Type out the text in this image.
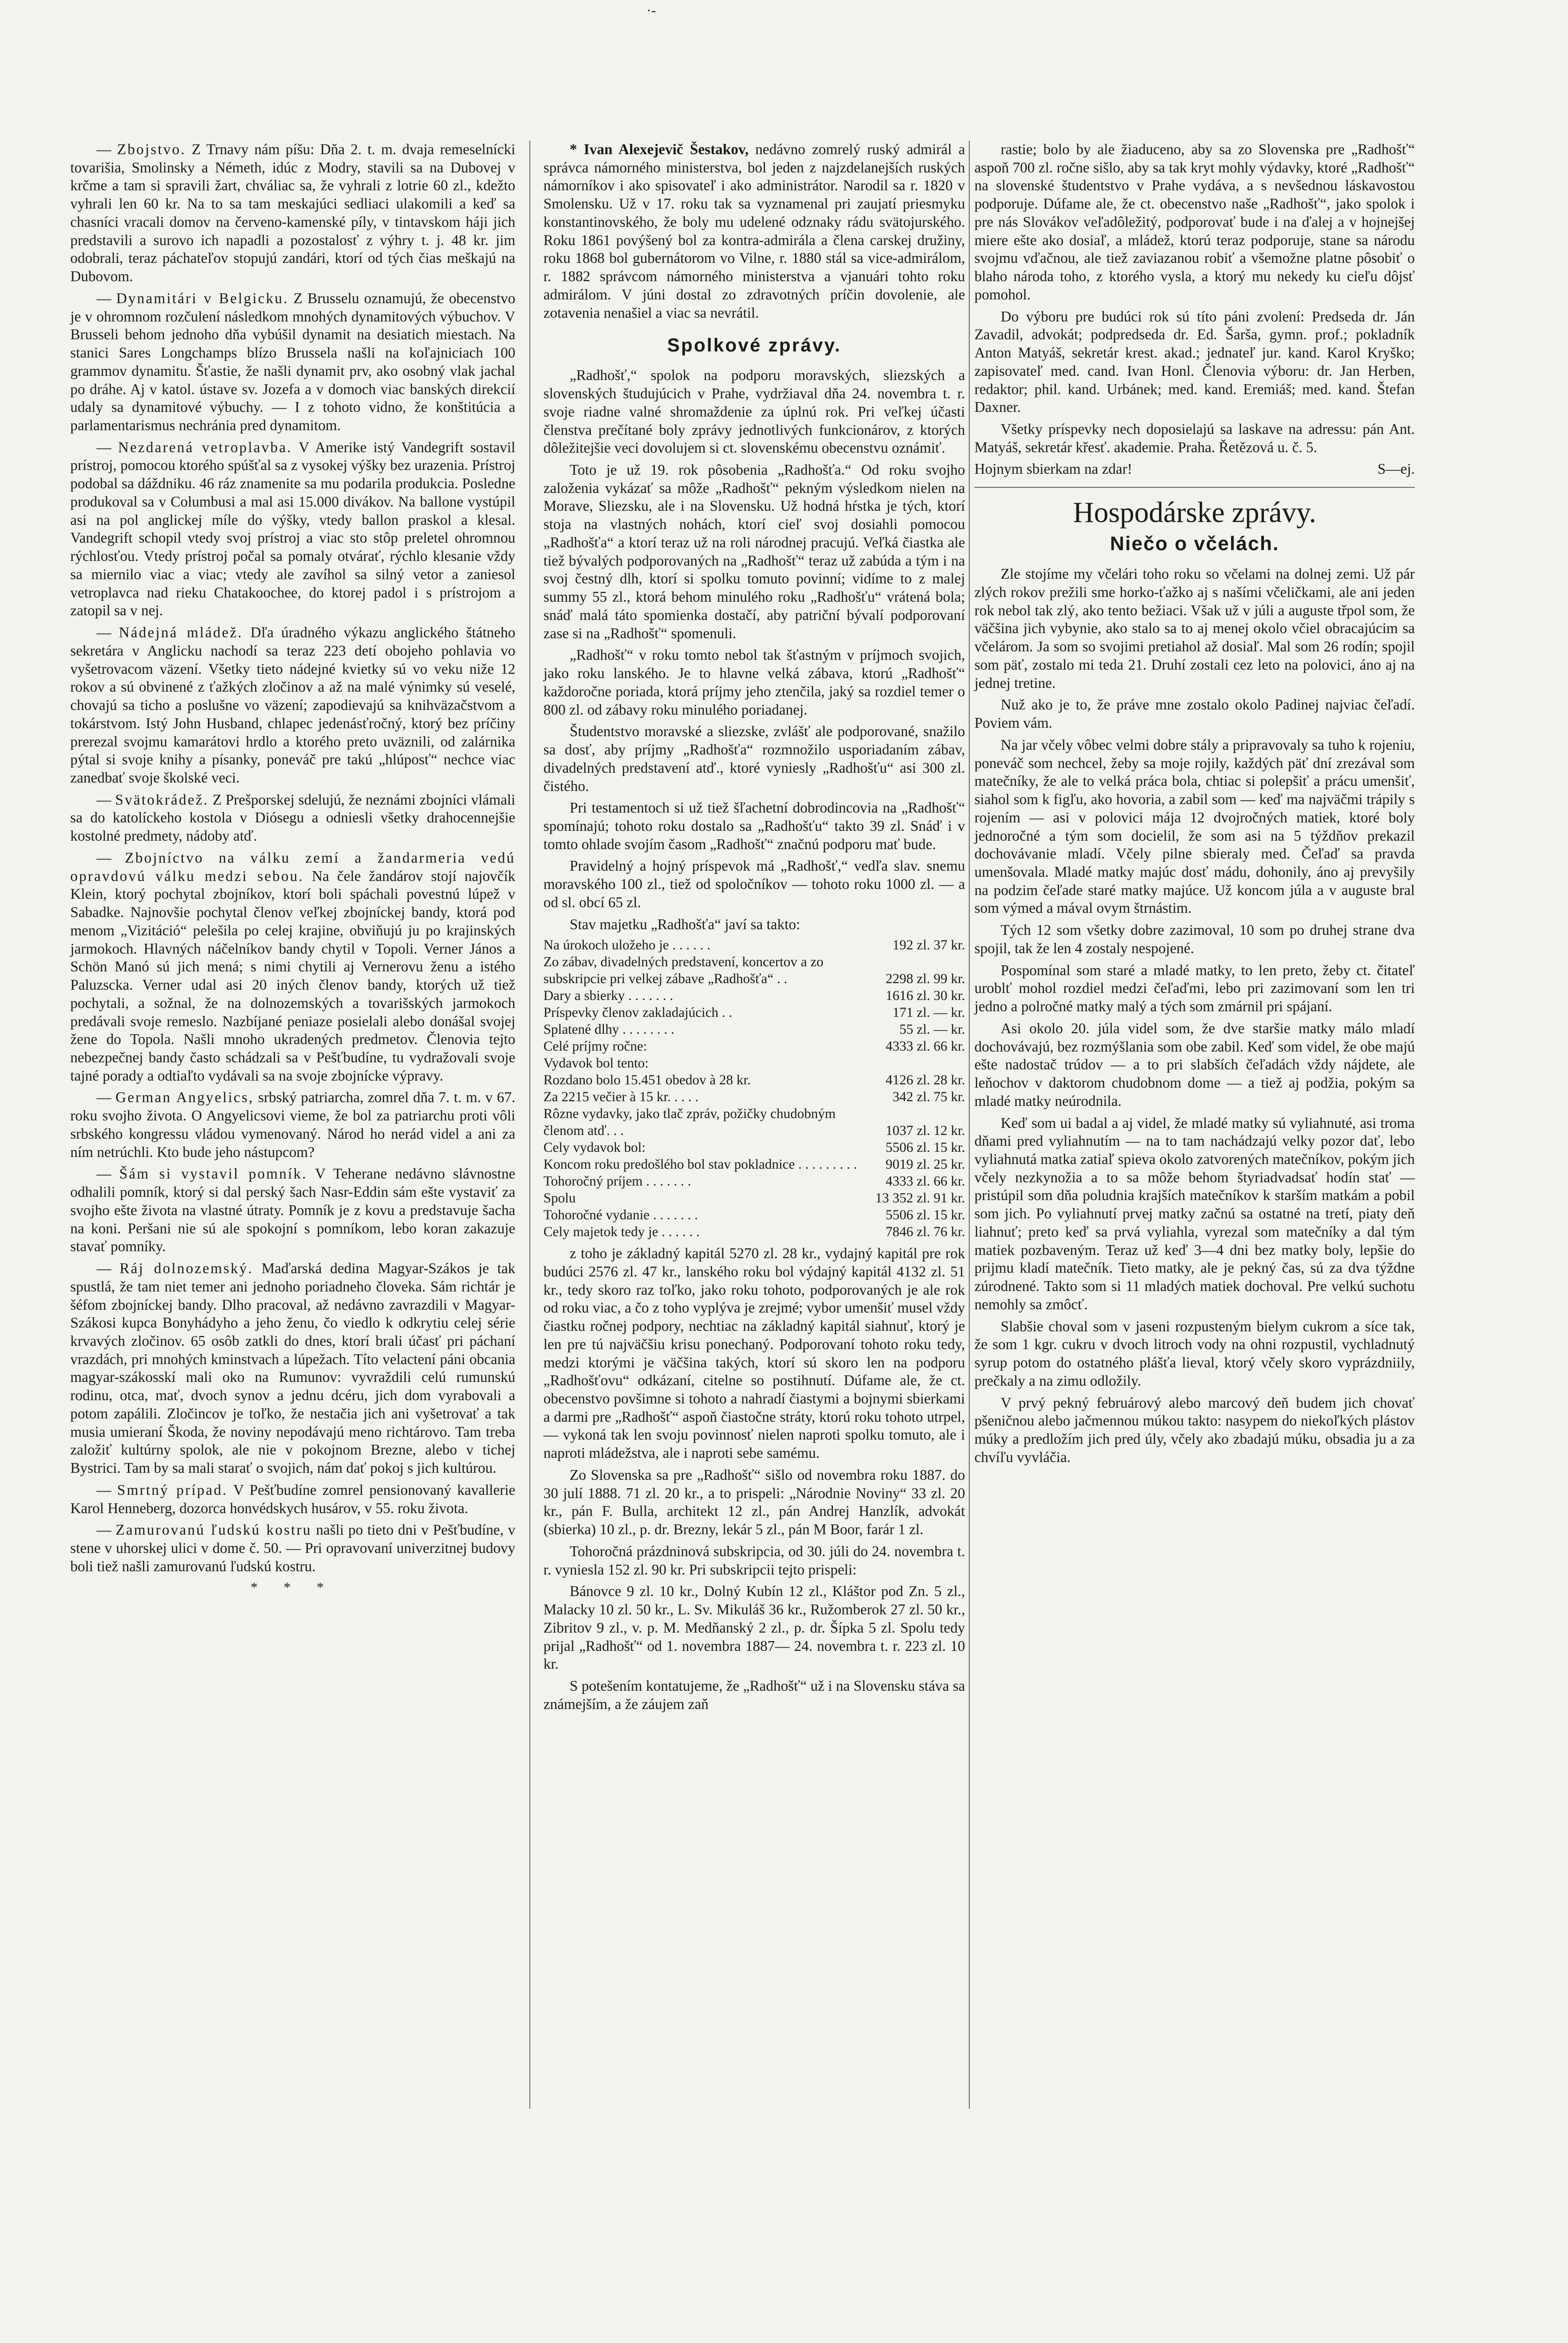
·-

— Zbojstvo. Z Trnavy nám píšu: Dňa 2. t. m. dvaja remeselnícki tovarišia, Smolinsky a Németh, idúc z Modry, stavili sa na Dubovej v krčme a tam si spravili žart, chváliac sa, že vyhrali z lotrie 60 zl., kdežto vyhrali len 60 kr. Na to sa tam meskajúci sedliaci ulakomili a keď sa chasníci vracali domov na červeno-kamenské píly, v tintavskom háji jich predstavili a surovo ich napadli a pozostalosť z výhry t. j. 48 kr. jim odobrali, teraz páchateľov stopujú zandári, ktorí od tých čias meškajú na Dubovom.

— Dynamitári v Belgicku. Z Brusselu oznamujú, že obecenstvo je v ohromnom rozčulení následkom mnohých dynamitových výbuchov. V Brusseli behom jednoho dňa vybúšil dynamit na desiatich miestach. Na stanici Sares Longchamps blízo Brussela našli na koľajniciach 100 grammov dynamitu. Šťastie, že našli dynamit prv, ako osobný vlak jachal po dráhe. Aj v katol. ústave sv. Jozefa a v domoch viac banských direkcií udaly sa dynamitové výbuchy. — I z tohoto vidno, že konštitúcia a parlamentarismus nechránia pred dynamitom.

— Nezdarená vetroplavba. V Amerike istý Vandegrift sostavil prístroj, pomocou ktorého spúšťal sa z vysokej výšky bez urazenia. Prístroj podobal sa dáždniku. 46 ráz znamenite sa mu podarila produkcia. Posledne produkoval sa v Columbusi a mal asi 15.000 divákov. Na ballone vystúpil asi na pol anglickej míle do výšky, vtedy ballon praskol a klesal. Vandegrift schopil vtedy svoj prístroj a viac sto stôp preletel ohromnou rýchlosťou. Vtedy prístroj počal sa pomaly otvárať, rýchlo klesanie vždy sa miernilo viac a viac; vtedy ale zavíhol sa silný vetor a zaniesol vetroplavca nad rieku Chatakoochee, do ktorej padol i s prístrojom a zatopil sa v nej.

— Nádejná mládež. Dľa úradného výkazu anglického štátneho sekretára v Anglicku nachodí sa teraz 223 detí obojeho pohlavia vo vyšetrovacom väzení. Všetky tieto nádejné kvietky sú vo veku niže 12 rokov a sú obvinené z ťažkých zločinov a až na malé výnimky sú veselé, chovajú sa ticho a poslušne vo väzení; zapodievajú sa knihväzačstvom a tokárstvom. Istý John Husband, chlapec jedenásťročný, ktorý bez príčiny prerezal svojmu kamarátovi hrdlo a ktorého preto uväznili, od zalárnika pýtal si svoje knihy a písanky, poneváč pre takú „hlúposť“ nechce viac zanedbať svoje školské veci.

— Svätokrádež. Z Prešporskej sdelujú, že neznámi zbojníci vlámali sa do katolíckeho kostola v Diósegu a odniesli všetky drahocennejšie kostolné predmety, nádoby atď.

— Zbojníctvo na válku zemí a žandarmeria vedú opravdovú válku medzi sebou. Na čele žandárov stojí najovčík Klein, ktorý pochytal zbojníkov, ktorí boli spáchali povestnú lúpež v Sabadke. Najnovšie pochytal členov veľkej zbojníckej bandy, ktorá pod menom „Vizitáció“ pelešila po celej krajine, obviňujú ju po krajinských jarmokoch. Hlavných náčelníkov bandy chytil v Topoli. Verner János a Schön Manó sú jich mená; s nimi chytili aj Vernerovu ženu a istého Paluzscka. Verner udal asi 20 iných členov bandy, ktorých už tiež pochytali, a sožnal, že na dolnozemských a tovarišských jarmokoch predávali svoje remeslo. Nazbíjané peniaze posielali alebo donášal svojej žene do Topola. Našli mnoho ukradených predmetov. Členovia tejto nebezpečnej bandy často schádzali sa v Pešťbudíne, tu vydražovali svoje tajné porady a odtiaľto vydávali sa na svoje zbojnícke výpravy.

— German Angyelics, srbský patriarcha, zomrel dňa 7. t. m. v 67. roku svojho života. O Angyelicsovi vieme, že bol za patriarchu proti vôli srbského kongressu vládou vymenovaný. Národ ho nerád videl a ani za ním netrúchli. Kto bude jeho nástupcom?

— Šám si vystavil pomník. V Teherane nedávno slávnostne odhalili pomník, ktorý si dal perský šach Nasr-Eddin sám ešte vystaviť za svojho ešte života na vlastné útraty. Pomník je z kovu a predstavuje šacha na koni. Peršani nie sú ale spokojní s pomníkom, lebo koran zakazuje stavať pomníky.

— Ráj dolnozemský. Maďarská dedina Magyar-Szákos je tak spustlá, že tam niet temer ani jednoho poriadneho človeka. Sám richtár je šéfom zbojníckej bandy. Dlho pracoval, až nedávno zavrazdili v Magyar-Szákosi kupca Bonyhádyho a jeho ženu, čo viedlo k odkrytiu celej série krvavých zločinov. 65 osôb zatkli do dnes, ktorí brali účasť pri páchaní vrazdách, pri mnohých kminstvach a lúpežach. Títo velactení páni obcania magyar-szákosskí mali oko na Rumunov: vyvraždili celú rumunskú rodinu, otca, mať, dvoch synov a jednu dcéru, jich dom vyrabovali a potom zapálili. Zločincov je toľko, že nestačia jich ani vyšetrovať a tak musia umieraní Škoda, že noviny nepodávajú meno richtárovo. Tam treba založiť kultúrny spolok, ale nie v pokojnom Brezne, alebo v tichej Bystrici. Tam by sa mali starať o svojich, nám dať pokoj s jich kultúrou.

— Smrtný prípad. V Pešťbudíne zomrel pensionovaný kavallerie Karol Henneberg, dozorca honvédskych husárov, v 55. roku života.

— Zamurovanú ľudskú kostru našli po tieto dni v Pešťbudíne, v stene v uhorskej ulici v dome č. 50. — Pri opravovaní univerzitnej budovy boli tiež našli zamurovanú ľudskú kostru.

* * *

* Ivan Alexejevič Šestakov, nedávno zomrelý ruský admirál a správca námorného ministerstva, bol jeden z najzdelanejších ruských námorníkov i ako spisovateľ i ako administrátor. Narodil sa r. 1820 v Smolensku. Už v 17. roku tak sa vyznamenal pri zaujatí priesmyku konstantinovského, že boly mu udelené odznaky rádu svätojurského. Roku 1861 povýšený bol za kontra-admirála a člena carskej družiny, roku 1868 bol gubernátorom vo Vilne, r. 1880 stál sa vice-admirálom, r. 1882 správcom námorného ministerstva a vjanuári tohto roku admirálom. V júni dostal zo zdravotných príčin dovolenie, ale zotavenia nenašiel a viac sa nevrátil.

Spolkové zprávy.

„Radhošť,“ spolok na podporu moravských, sliezských a slovenských študujúcich v Prahe, vydržiaval dňa 24. novembra t. r. svoje riadne valné shromaždenie za úplnú rok. Pri veľkej účasti členstva prečítané boly zprávy jednotlivých funkcionárov, z ktorých dôležitejšie veci dovolujem si ct. slovenskému obecenstvu oznámiť.

Toto je už 19. rok pôsobenia „Radhošťa.“ Od roku svojho založenia vykázať sa môže „Radhošť“ pekným výsledkom nielen na Morave, Sliezsku, ale i na Slovensku. Už hodná hŕstka je tých, ktorí stoja na vlastných nohách, ktorí cieľ svoj dosiahli pomocou „Radhošťa“ a ktorí teraz už na roli národnej pracujú. Veľká čiastka ale tiež bývalých podporovaných na „Radhošť“ teraz už zabúda a tým i na svoj čestný dlh, ktorí si spolku tomuto povinní; vidíme to z malej summy 55 zl., ktorá behom minulého roku „Radhošťu“ vrátená bola; snáď malá táto spomienka dostačí, aby patriční bývalí podporovaní zase si na „Radhošť“ spomenuli.

„Radhošť“ v roku tomto nebol tak šťastným v príjmoch svojich, jako roku lanského. Je to hlavne velká zábava, ktorú „Radhošť“ každoročne poriada, ktorá príjmy jeho ztenčila, jaký sa rozdiel temer o 800 zl. od zábavy roku minulého poriadanej.

Študentstvo moravské a sliezske, zvlášť ale podporované, snažilo sa dosť, aby príjmy „Radhošťa“ rozmnožilo usporiadaním zábav, divadelných predstavení atď., ktoré vyniesly „Radhošťu“ asi 300 zl. čistého.

Pri testamentoch si už tiež šľachetní dobrodincovia na „Radhošť“ spomínajú; tohoto roku dostalo sa „Radhošťu“ takto 39 zl. Snáď i v tomto ohlade svojím časom „Radhošť“ značnú podporu mať bude.

Pravidelný a hojný príspevok má „Radhošť,“ vedľa slav. snemu moravského 100 zl., tiež od spoločníkov — tohoto roku 1000 zl. — a od sl. obcí 65 zl.

Stav majetku „Radhošťa“ javí sa takto:

Na úrokoch uložeho je . . . . . .	192 zl. 37 kr.
Zo zábav, divadelných predstavení, koncertov a zo subskripcie pri velkej zábave „Radhošťa“ . .	2298 zl. 99 kr.
Dary a sbierky . . . . . . .	1616 zl. 30 kr.
Príspevky členov zakladajúcich . .	171 zl. — kr.
Splatené dlhy . . . . . . . .	55 zl. — kr.
Celé príjmy ročne:	4333 zl. 66 kr.
Vydavok bol tento:	
Rozdano bolo 15.451 obedov à 28 kr.	4126 zl. 28 kr.
Za 2215 večier à 15 kr. . . . .	342 zl. 75 kr.
Rôzne vydavky, jako tlač zpráv, požičky chudobným členom atď. . .	1037 zl. 12 kr.
Cely vydavok bol:	5506 zl. 15 kr.
Koncom roku predošlého bol stav pokladnice . . . . . . . . .	9019 zl. 25 kr.
Tohoročný príjem . . . . . . .	4333 zl. 66 kr.
Spolu	13 352 zl. 91 kr.
Tohoročné vydanie . . . . . . .	5506 zl. 15 kr.
Cely majetok tedy je . . . . . .	7846 zl. 76 kr.

z toho je základný kapitál 5270 zl. 28 kr., vydajný kapitál pre rok budúci 2576 zl. 47 kr., lanského roku bol výdajný kapitál 4132 zl. 51 kr., tedy skoro raz toľko, jako roku tohoto, podporovaných je ale rok od roku viac, a čo z toho vyplýva je zrejmé; vybor umenšiť musel vždy čiastku ročnej podpory, nechtiac na základný kapitál siahnuť, ktorý je len pre tú najväčšiu krisu ponechaný. Podporovaní tohoto roku tedy, medzi ktorými je väčšina takých, ktorí sú skoro len na podporu „Radhošťovu“ odkázaní, citelne so postihnutí. Dúfame ale, že ct. obecenstvo povšimne si tohoto a nahradí čiastymi a bojnymi sbierkami a darmi pre „Radhošť“ aspoň čiastočne stráty, ktorú roku tohoto utrpel, — vykoná tak len svoju povinnosť nielen naproti spolku tomuto, ale i naproti mládežstva, ale i naproti sebe samému.

Zo Slovenska sa pre „Radhošť“ sišlo od novembra roku 1887. do 30 julí 1888. 71 zl. 20 kr., a to prispeli: „Národnie Noviny“ 33 zl. 20 kr., pán F. Bulla, architekt 12 zl., pán Andrej Hanzlík, advokát (sbierka) 10 zl., p. dr. Brezny, lekár 5 zl., pán M Boor, farár 1 zl.

Tohoročná prázdninová subskripcia, od 30. júli do 24. novembra t. r. vyniesla 152 zl. 90 kr. Pri subskripcii tejto prispeli:

Bánovce 9 zl. 10 kr., Dolný Kubín 12 zl., Kláštor pod Zn. 5 zl., Malacky 10 zl. 50 kr., L. Sv. Mikuláš 36 kr., Ružomberok 27 zl. 50 kr., Zibritov 9 zl., v. p. M. Medňanský 2 zl., p. dr. Šípka 5 zl. Spolu tedy prijal „Radhošť“ od 1. novembra 1887— 24. novembra t. r. 223 zl. 10 kr.

S potešením kontatujeme, že „Radhošť“ už i na Slovensku stáva sa známejším, a že záujem zaň

rastie; bolo by ale žiaduceno, aby sa zo Slovenska pre „Radhošť“ aspoň 700 zl. ročne sišlo, aby sa tak kryt mohly výdavky, ktoré „Radhošť“ na slovenské študentstvo v Prahe vydáva, a s nevšednou láskavostou podporuje. Dúfame ale, že ct. obecenstvo naše „Radhošť“, jako spolok i pre nás Slovákov veľadôležitý, podporovať bude i na ďalej a v hojnejšej miere ešte ako dosiaľ, a mládež, ktorú teraz podporuje, stane sa národu svojmu vďačnou, ale tiež zaviazanou robiť a všemožne platne pôsobiť o blaho národa toho, z ktorého vysla, a ktorý mu nekedy ku cieľu dôjsť pomohol.

Do výboru pre budúci rok sú títo páni zvolení: Predseda dr. Ján Zavadil, advokát; podpredseda dr. Ed. Šarša, gymn. prof.; pokladník Anton Matyáš, sekretár krest. akad.; jednateľ jur. kand. Karol Kryško; zapisovateľ med. cand. Ivan Honl. Členovia výboru: dr. Jan Herben, redaktor; phil. kand. Urbánek; med. kand. Eremiáš; med. kand. Štefan Daxner.

Všetky príspevky nech doposielajú sa laskave na adressu: pán Ant. Matyáš, sekretár křesť. akademie. Praha. Řetězová u. č. 5.

Hojnym sbierkam na zdar!	S—ej.
Hospodárske zprávy.
Niečo o včelách.

Zle stojíme my včelári toho roku so včelami na dolnej zemi. Už pár zlých rokov prežili sme horko-ťažko aj s našími včeličkami, ale ani jeden rok nebol tak zlý, ako tento bežiaci. Však už v júli a auguste třpol som, že väčšina jich vybynie, ako stalo sa to aj menej okolo včiel obracajúcim sa včelárom. Ja som so svojimi pretiahol až dosiaľ. Mal som 26 rodín; spojil som päť, zostalo mi teda 21. Druhí zostali cez leto na polovici, áno aj na jednej tretine.

Nuž ako je to, že práve mne zostalo okolo Padinej najviac čeľadí. Poviem vám.

Na jar včely vôbec velmi dobre stály a pripravovaly sa tuho k rojeniu, poneváč som nechcel, žeby sa moje rojily, každých päť dní zrezával som matečníky, že ale to velká práca bola, chtiac si polepšiť a prácu umenšiť, siahol som k figľu, ako hovoria, a zabil som — keď ma najväčmi trápily s rojením — asi v polovici mája 12 dvojročných matiek, ktoré boly jednoročné a tým som docielil, že som asi na 5 týždňov prekazil dochovávanie mladí. Včely pilne sbieraly med. Čeľaď sa pravda umenšovala. Mladé matky majúc dosť mádu, dohonily, áno aj prevyšily na podzim čeľade staré matky majúce. Už koncom júla a v auguste bral som výmed a mával ovym štrnástim.

Tých 12 som všetky dobre zazimoval, 10 som po druhej strane dva spojil, tak že len 4 zostaly nespojené.

Pospomínal som staré a mladé matky, to len preto, žeby ct. čitateľ uroblť mohol rozdiel medzi čeľaďmi, lebo pri zazimovaní som len tri jedno a polročné matky malý a tých som zmárnil pri spájaní.

Asi okolo 20. júla videl som, že dve staršie matky málo mladí dochovávajú, bez rozmýšlania som obe zabil. Keď som videl, že obe majú ešte nadostač trúdov — a to pri slabších čeľadách vždy nájdete, ale leňochov v daktorom chudobnom dome — a tiež aj podžia, pokým sa mladé matky neúrodnila.

Keď som ui badal a aj videl, že mladé matky sú vyliahnuté, asi troma dňami pred vyliahnutím — na to tam nachádzajú velky pozor dať, lebo vyliahnutá matka zatiaľ spieva okolo zatvorených matečníkov, pokým jich včely nezkynožia a to sa môže behom štyriadvadsať hodín stať — pristúpil som dňa poludnia krajších matečníkov k starším matkám a pobil som jich. Po vyliahnutí prvej matky začnú sa ostatné na tretí, piaty deň liahnuť; preto keď sa prvá vyliahla, vyrezal som matečníky a dal tým matiek pozbaveným. Teraz už keď 3—4 dni bez matky boly, lepšie do prijmu kladí matečník. Tieto matky, ale je pekný čas, sú za dva týždne zúrodnené. Takto som si 11 mladých matiek dochoval. Pre velkú suchotu nemohly sa zmôcť.

Slabšie choval som v jaseni rozpusteným bielym cukrom a síce tak, že som 1 kgr. cukru v dvoch litroch vody na ohni rozpustil, vychladnutý syrup potom do ostatného plášťa lieval, ktorý včely skoro vyprázdniily, prečkaly a na zimu odložily.

V prvý pekný februárový alebo marcový deň budem jich chovať pšeničnou alebo jačmennou múkou takto: nasypem do niekoľkých plástov múky a predložím jich pred úly, včely ako zbadajú múku, obsadia ju a za chvíľu vyvláčia.
